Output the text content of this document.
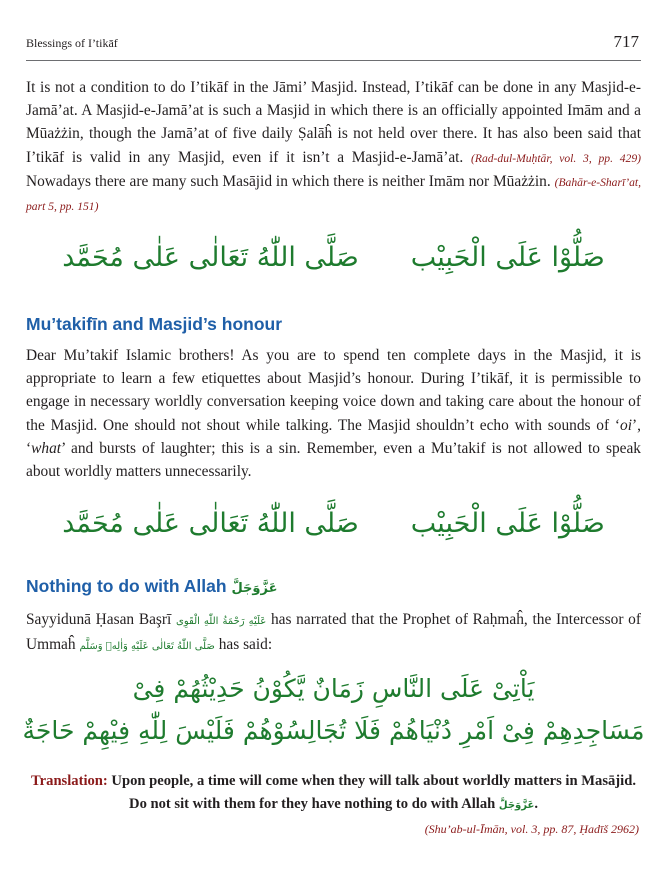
Blessings of I’tikāf	717

It is not a condition to do I’tikāf in the Jāmi’ Masjid. Instead, I’tikāf can be done in any Masjid-e-Jamā’at. A Masjid-e-Jamā’at is such a Masjid in which there is an officially appointed Imām and a Mūażżin, though the Jamā’at of five daily Ṣalāĥ is not held over there. It has also been said that I’tikāf is valid in any Masjid, even if it isn’t a Masjid-e-Jamā’at. (Rad-dul-Muḥtār, vol. 3, pp. 429) Nowadays there are many such Masājid in which there is neither Imām nor Mūażżin. (Bahār-e-Sharī’at, part 5, pp. 151)

صَلُّوْا عَلَى الْحَبِيْب
صَلَّى اللّٰهُ تَعَالٰى عَلٰى مُحَمَّد
Mu’takifīn and Masjid’s honour

Dear Mu’takif Islamic brothers! As you are to spend ten complete days in the Masjid, it is appropriate to learn a few etiquettes about Masjid’s honour. During I’tikāf, it is permissible to engage in necessary worldly conversation keeping voice down and taking care about the honour of the Masjid. One should not shout while talking. The Masjid shouldn’t echo with sounds of ‘oi’, ‘what’ and bursts of laughter; this is a sin. Remember, even a Mu’takif is not allowed to speak about worldly matters unnecessarily.

صَلُّوْا عَلَى الْحَبِيْب
صَلَّى اللّٰهُ تَعَالٰى عَلٰى مُحَمَّد
Nothing to do with Allah عَزَّوَجَلَّ

Sayyidunā Ḥasan Başrī عَلَيْهِ رَحْمَةُ اللّٰهِ الْقَوِى has narrated that the Prophet of Raḥmaĥ, the Intercessor of Ummaĥ صَلَّى اللّٰهُ تَعَالٰى عَلَيْهِ وَاٰلِهٖ وَسَلَّم has said:

يَاْتِىْ عَلَى النَّاسِ زَمَانٌ يَّكُوْنُ حَدِيْثُهُمْ فِىْ
مَسَاجِدِهِمْ فِىْ اَمْرِ دُنْيَاهُمْ فَلَا تُجَالِسُوْهُمْ فَلَيْسَ لِلّٰهِ فِيْهِمْ حَاجَةٌ
Translation: Upon people, a time will come when they will talk about worldly matters in Masājid. Do not sit with them for they have nothing to do with Allah عَزَّوَجَلَّ.
(Shu’ab-ul-Īmān, vol. 3, pp. 87, Ḥadīš 2962)
